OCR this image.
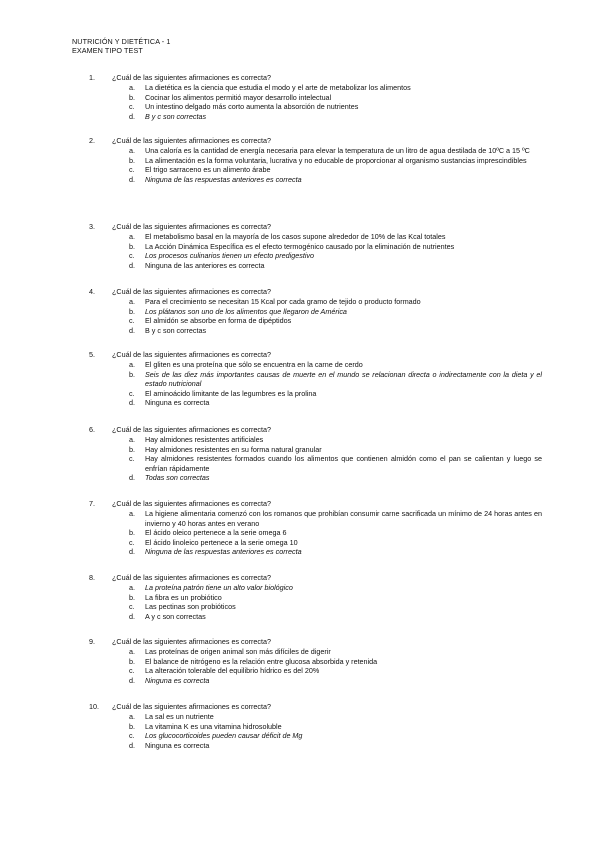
NUTRICIÓN Y DIETÉTICA - 1
EXAMEN TIPO TEST
1. ¿Cuál de las siguientes afirmaciones es correcta?
a. La dietética es la ciencia que estudia el modo y el arte de metabolizar los alimentos
b. Cocinar los alimentos permitió mayor desarrollo intelectual
c. Un intestino delgado más corto aumenta la absorción de nutrientes
d. B y c son correctas
2. ¿Cuál de las siguientes afirmaciones es correcta?
a. Una caloría es la cantidad de energía necesaria para elevar la temperatura de un litro de agua destilada de 10ºC a 15 ºC
b. La alimentación es la forma voluntaria, lucrativa y no educable de proporcionar al organismo sustancias imprescindibles
c. El trigo sarraceno es un alimento árabe
d. Ninguna de las respuestas anteriores es correcta
3. ¿Cuál de las siguientes afirmaciones es correcta?
a. El metabolismo basal en la mayoría de los casos supone alrededor de 10% de las Kcal totales
b. La Acción Dinámica Específica es el efecto termogénico causado por la eliminación de nutrientes
c. Los procesos culinarios tienen un efecto predigestivo
d. Ninguna de las anteriores es correcta
4. ¿Cuál de las siguientes afirmaciones es correcta?
a. Para el crecimiento se necesitan 15 Kcal por cada gramo de tejido o producto formado
b. Los plátanos son uno de los alimentos que llegaron de América
c. El almidón se absorbe en forma de dipéptidos
d. B y c son correctas
5. ¿Cuál de las siguientes afirmaciones es correcta?
a. El gliten es una proteína que sólo se encuentra en la carne de cerdo
b. Seis de las diez más importantes causas de muerte en el mundo se relacionan directa o indirectamente con la dieta y el estado nutricional
c. El aminoácido limitante de las legumbres es la prolina
d. Ninguna es correcta
6. ¿Cuál de las siguientes afirmaciones es correcta?
a. Hay almidones resistentes artificiales
b. Hay almidones resistentes en su forma natural granular
c. Hay almidones resistentes formados cuando los alimentos que contienen almidón como el pan se calientan y luego se enfrían rápidamente
d. Todas son correctas
7. ¿Cuál de las siguientes afirmaciones es correcta?
a. La higiene alimentaria comenzó con los romanos que prohibían consumir carne sacrificada un mínimo de 24 horas antes en invierno y 40 horas antes en verano
b. El ácido oleico pertenece a la serie omega 6
c. El ácido linoleico pertenece a la serie omega 10
d. Ninguna de las respuestas anteriores es correcta
8. ¿Cuál de las siguientes afirmaciones es correcta?
a. La proteína patrón tiene un alto valor biológico
b. La fibra es un probiótico
c. Las pectinas son probióticos
d. A y c son correctas
9. ¿Cuál de las siguientes afirmaciones es correcta?
a. Las proteínas de origen animal son más difíciles de digerir
b. El balance de nitrógeno es la relación entre glucosa absorbida y retenida
c. La alteración tolerable del equilibrio hídrico es del 20%
d. Ninguna es correcta
10. ¿Cuál de las siguientes afirmaciones es correcta?
a. La sal es un nutriente
b. La vitamina K es una vitamina hidrosoluble
c. Los glucocorticoides pueden causar déficit de Mg
d. Ninguna es correcta
